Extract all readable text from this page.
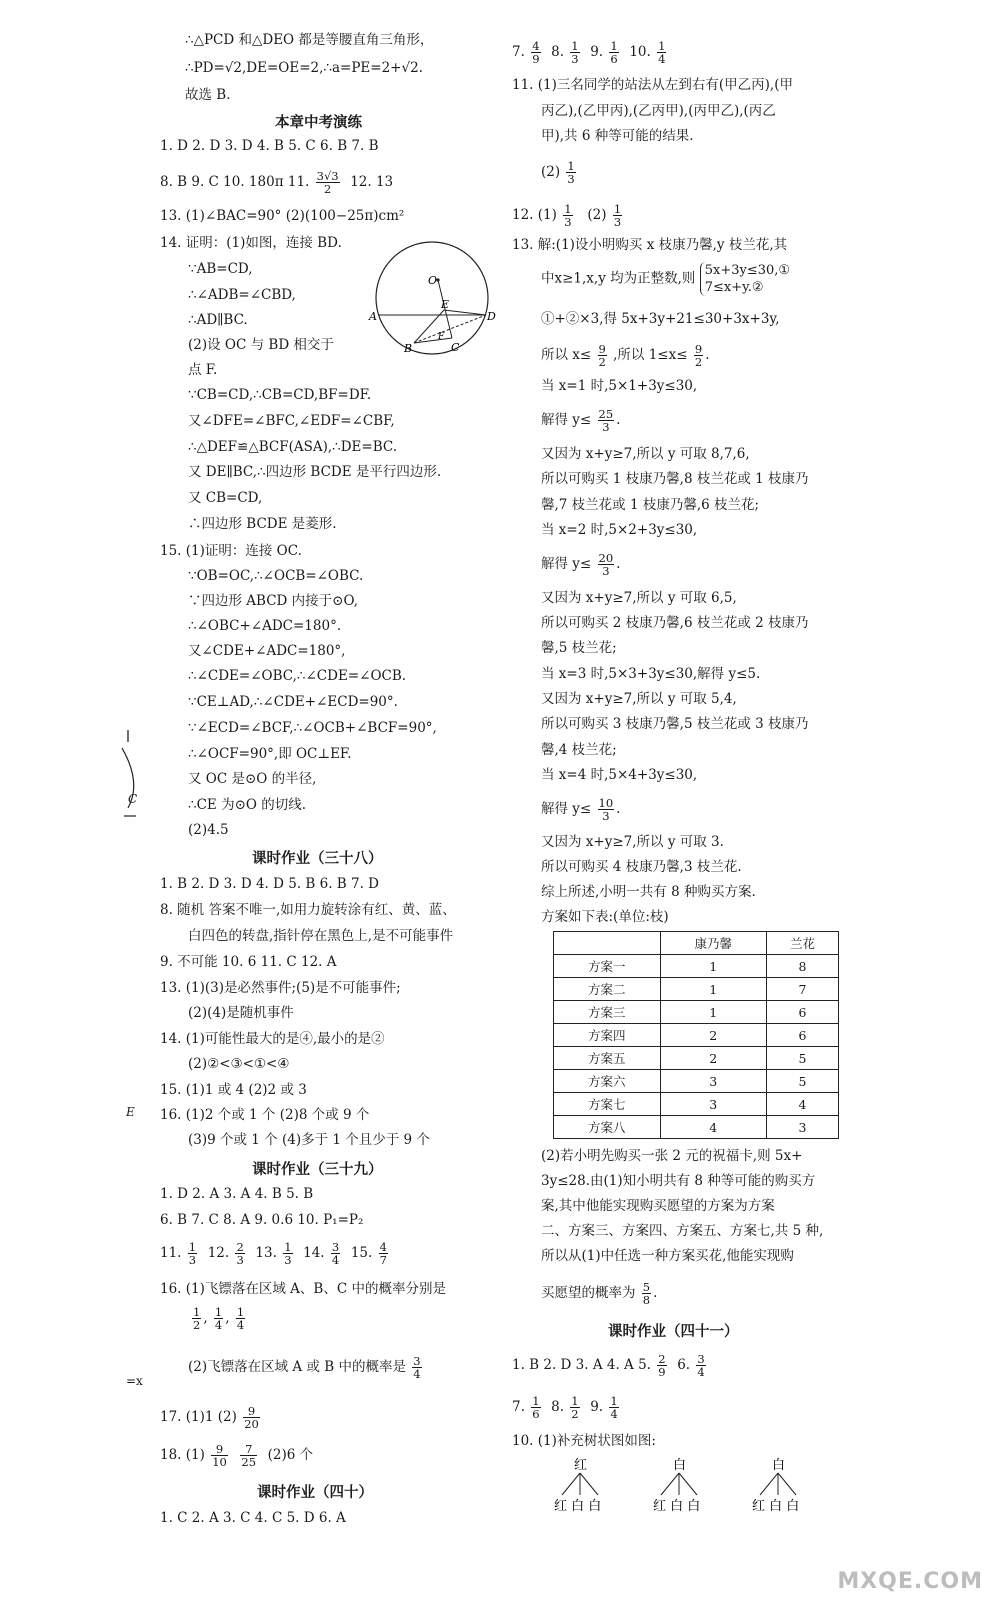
∴△PCD 和△DEO 都是等腰直角三角形，
∴PD=√2,DE=OE=2,∴a=PE=2+√2.
故选 B.
本章中考演练
1. D 2. D 3. D 4. B 5. C 6. B 7. B
8. B 9. C 10. 180π 11. $\frac{3√3}{2} 12$. 13
13. (1)∠BAC=90° (2)(100−25π)cm²
14. 证明：(1)如图，连接 BD.
∵AB=CD,
∴∠ADB=∠CBD,
∴AD∥BC.
(2)设 OC 与 BD 相交于
点 F.
∵CB=CD,∴CB=CD,BF=DF.
又∠DFE=∠BFC,∠EDF=∠CBF,
∴△DEF≌△BCF(ASA),∴DE=BC.
又 DE∥BC,∴四边形 BCDE 是平行四边形.
又 CB=CD,
∴四边形 BCDE 是菱形.
O
E
A	D
B	C
F
15. (1)证明：连接 OC.
∵OB=OC,∴∠OCB=∠OBC.
∵四边形 ABCD 内接于⊙O,
∴∠OBC+∠ADC=180°.
又∠CDE+∠ADC=180°,
∴∠CDE=∠OBC,∴∠CDE=∠OCB.
∵CE⊥AD,∴∠CDE+∠ECD=90°.
∵∠ECD=∠BCF,∴∠OCB+∠BCF=90°,
∴∠OCF=90°,即 OC⊥EF.
又 OC 是⊙O 的半径,
∴CE 为⊙O 的切线.
(2)4.5
课时作业（三十八）
1. B 2. D 3. D 4. D 5. B 6. B 7. D
8. 随机 答案不唯一,如用力旋转涂有红、黄、蓝、
白四色的转盘,指针停在黑色上,是不可能事件
9. 不可能 10. 6 11. C 12. A
13. (1)(3)是必然事件;(5)是不可能事件;
(2)(4)是随机事件
14. (1)可能性最大的是④,最小的是②
(2)②<③<①<④
15. (1)1 或 4 (2)2 或 3
16. (1)2 个或 1 个 (2)8 个或 9 个
(3)9 个或 1 个 (4)多于 1 个且少于 9 个
课时作业（三十九）
1. D 2. A 3. A 4. B 5. B
6. B 7. C 8. A 9. 0.6 10. P₁=P₂
11. $\frac{1}{3} 12$. $\frac{2}{3} 13$. $\frac{1}{3} 14$. $\frac{3}{4} 15$. $\frac{4}{7}$
16. (1)飞镖落在区域 A、B、C 中的概率分别是
$\frac{1}{2}$ , $\frac{1}{4}$ , $\frac{1}{4}$
(2)飞镖落在区域 A 或 B 中的概率是 $\frac{3}{4}$
17. (1)1 $(2) \frac{9}{20}$
18. $(1) \frac{9}{10}$
$\frac{7}{25} (2)6$ 个
课时作业（四十）
1. C 2. A 3. C 4. C 5. D 6. A
7. $\frac{4}{9} 8$. $\frac{1}{3} 9$. $\frac{1}{6} 10$. $\frac{1}{4}$
11. (1)三名同学的站法从左到右有(甲乙丙),(甲
丙乙),(乙甲丙),(乙丙甲),(丙甲乙),(丙乙
甲),共 6 种等可能的结果.
$(2) \frac{1}{3}$
12. $(1) \frac{1}{3} (2) \frac{1}{3}$
13. 解:(1)设小明购买 x 枝康乃馨,y 枝兰花,其
中x≥1,x,y 均为正整数,则 5x+3y≤30,①
7≤x+y.②
①+②×3,得 5x+3y+21≤30+3x+3y,
所以 $x\le \frac{9}{2}$ ,所以 $1\le x\le \frac{9}{2}$ .
当 x=1 时,5×1+3y≤30,
解得 $y\le \frac{25}{3}$ .
又因为 x+y≥7,所以 y 可取 8,7,6,
所以可购买 1 枝康乃馨,8 枝兰花或 1 枝康乃
馨,7 枝兰花或 1 枝康乃馨,6 枝兰花;
当 x=2 时,5×2+3y≤30,
解得 $y\le \frac{20}{3}$ .
又因为 x+y≥7,所以 y 可取 6,5,
所以可购买 2 枝康乃馨,6 枝兰花或 2 枝康乃
馨,5 枝兰花;
当 x=3 时,5×3+3y≤30,解得 y≤5.
又因为 x+y≥7,所以 y 可取 5,4,
所以可购买 3 枝康乃馨,5 枝兰花或 3 枝康乃
馨,4 枝兰花;
当 x=4 时,5×4+3y≤30,
解得 $y\le \frac{10}{3}$ .
又因为 x+y≥7,所以 y 可取 3.
所以可购买 4 枝康乃馨,3 枝兰花.
综上所述,小明一共有 8 种购买方案.
方案如下表:(单位:枝)
	康乃馨	兰花
方案一	1	8
方案二	1	7
方案三	1	6
方案四	2	6
方案五	2	5
方案六	3	5
方案七	3	4
方案八	4	3
(2)若小明先购买一张 2 元的祝福卡,则 5x+
3y≤28.由(1)知小明共有 8 种等可能的购买方
案,其中他能实现购买愿望的方案为方案
二、方案三、方案四、方案五、方案七,共 5 种,
所以从(1)中任选一种方案买花,他能实现购
买愿望的概率为 $\frac{5}{8}$ .
课时作业（四十一）
1. B 2. D 3. A 4. A 5. $\frac{2}{9} 6$. $\frac{3}{4}$
7. $\frac{1}{6} 8$. $\frac{1}{2} 9$. $\frac{1}{4}$
10. (1)补充树状图如图:
红	白	白
红 白 白	红 白 白	红 白 白
C
E
=x
MXQE.COM
